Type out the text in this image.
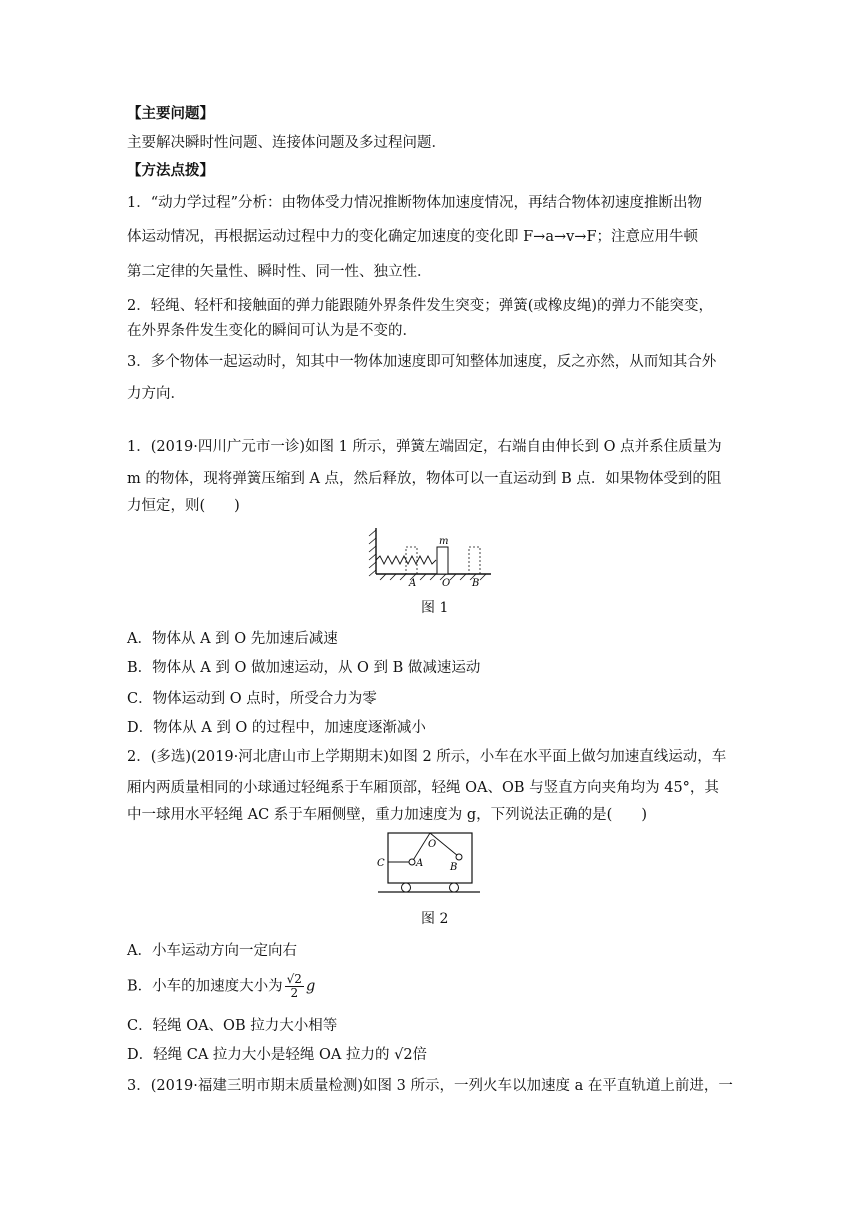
【主要问题】
主要解决瞬时性问题、连接体问题及多过程问题．
【方法点拨】
1．“动力学过程”分析：由物体受力情况推断物体加速度情况，再结合物体初速度推断出物
体运动情况，再根据运动过程中力的变化确定加速度的变化即 F→a→v→F；注意应用牛顿
第二定律的矢量性、瞬时性、同一性、独立性．
2．轻绳、轻杆和接触面的弹力能跟随外界条件发生突变；弹簧(或橡皮绳)的弹力不能突变，
在外界条件发生变化的瞬间可认为是不变的．
3．多个物体一起运动时，知其中一物体加速度即可知整体加速度，反之亦然，从而知其合外
力方向．
1．(2019·四川广元市一诊)如图 1 所示，弹簧左端固定，右端自由伸长到 O 点并系住质量为
m 的物体，现将弹簧压缩到 A 点，然后释放，物体可以一直运动到 B 点．如果物体受到的阻
力恒定，则(　　)
m
A	O B
图 1
A．物体从 A 到 O 先加速后减速
B．物体从 A 到 O 做加速运动，从 O 到 B 做减速运动
C．物体运动到 O 点时，所受合力为零
D．物体从 A 到 O 的过程中，加速度逐渐减小
2．(多选)(2019·河北唐山市上学期期末)如图 2 所示，小车在水平面上做匀加速直线运动，车
厢内两质量相同的小球通过轻绳系于车厢顶部，轻绳 OA、OB 与竖直方向夹角均为 45°，其
中一球用水平轻绳 AC 系于车厢侧壁，重力加速度为 g，下列说法正确的是(　　)
C	A
O
B
图 2
A．小车运动方向一定向右
B．小车的加速度大小为 $\frac{√2}{2}$ g
C．轻绳 OA、OB 拉力大小相等
D．轻绳 CA 拉力大小是轻绳 OA 拉力的 √2倍
3．(2019·福建三明市期末质量检测)如图 3 所示，一列火车以加速度 a 在平直轨道上前进，一
